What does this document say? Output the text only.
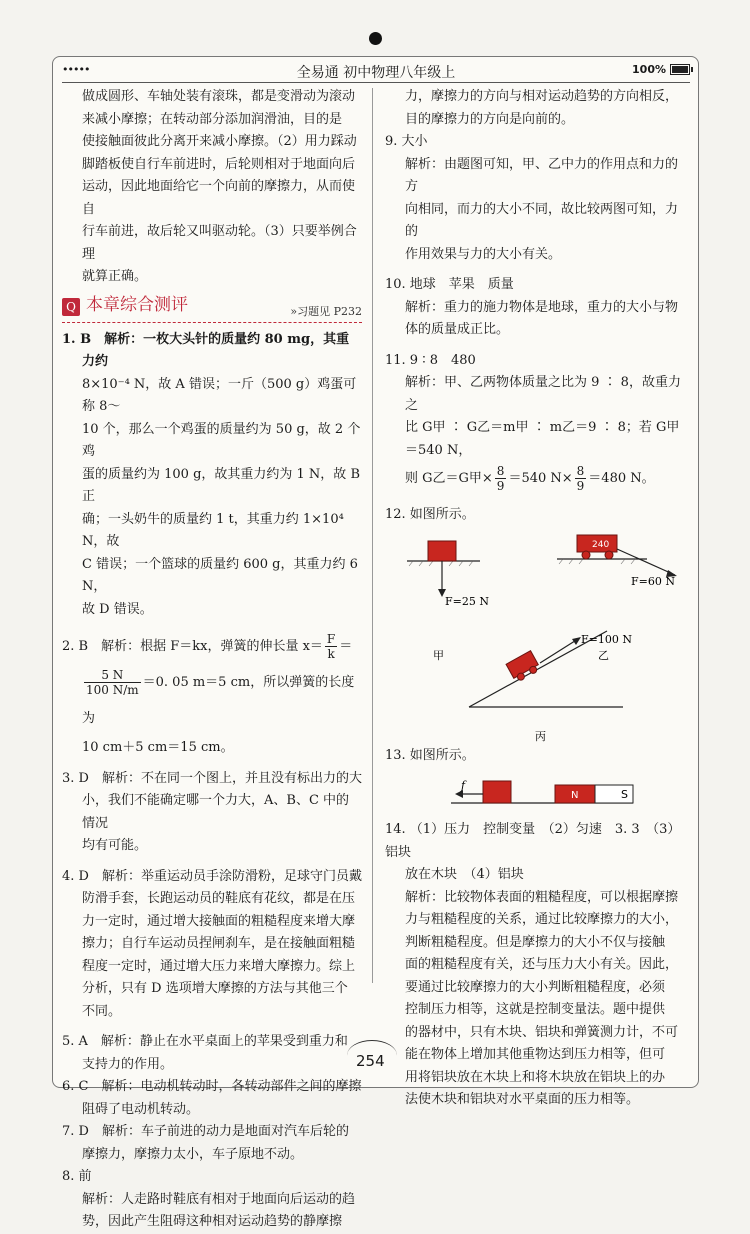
•••••	全易通 初中物理八年级上	100%

做成圆形、车轴处装有滚珠，都是变滑动为滚动

来减小摩擦；在转动部分添加润滑油，目的是

使接触面彼此分离开来减小摩擦。（2）用力踩动

脚踏板使自行车前进时，后轮则相对于地面向后

运动，因此地面给它一个向前的摩擦力，从而使自

行车前进，故后轮又叫驱动轮。（3）只要举例合理

就算正确。

Q 本章综合测评	»习题见 P232

1. B　解析：一枚大头针的质量约 80 mg，其重力约

8×10⁻⁴ N，故 A 错误；一斤（500 g）鸡蛋可称 8～

10 个，那么一个鸡蛋的质量约为 50 g，故 2 个鸡

蛋的质量约为 100 g，故其重力约为 1 N，故 B 正

确；一头奶牛的质量约 1 t，其重力约 1×10⁴ N，故

C 错误；一个篮球的质量约 600 g，其重力约 6 N，

故 D 错误。

2. B　解析：根据 F＝kx，弹簧的伸长量 $x= \frac{F}{k}$ ＝

$\frac{5 N}{100 N/m} =0$. 05 m＝5 cm，所以弹簧的长度为

10 cm＋5 cm＝15 cm。

3. D　解析：不在同一个图上，并且没有标出力的大

小，我们不能确定哪一个力大，A、B、C 中的情况

均有可能。

4. D　解析：举重运动员手涂防滑粉，足球守门员戴

防滑手套，长跑运动员的鞋底有花纹，都是在压

力一定时，通过增大接触面的粗糙程度来增大摩

擦力；自行车运动员捏闸刹车，是在接触面粗糙

程度一定时，通过增大压力来增大摩擦力。综上

分析，只有 D 选项增大摩擦的方法与其他三个

不同。

5. A　解析：静止在水平桌面上的苹果受到重力和

支持力的作用。

6. C　解析：电动机转动时，各转动部件之间的摩擦

阻碍了电动机转动。

7. D　解析：车子前进的动力是地面对汽车后轮的

摩擦力，摩擦力太小，车子原地不动。

8. 前

解析：人走路时鞋底有相对于地面向后运动的趋

势，因此产生阻碍这种相对运动趋势的静摩擦

力，摩擦力的方向与相对运动趋势的方向相反，

目的摩擦力的方向是向前的。

9. 大小

解析：由题图可知，甲、乙中力的作用点和力的方

向相同，而力的大小不同，故比较两图可知，力的

作用效果与力的大小有关。

10. 地球　苹果　质量

解析：重力的施力物体是地球，重力的大小与物

体的质量成正比。

11. 9 ∶ 8　480

解析：甲、乙两物体质量之比为 9 ∶ 8，故重力之

比 G甲 ∶ G乙＝m甲 ∶ m乙＝9 ∶ 8；若 G甲＝540 N，

则 G乙＝G甲× $\frac{8}{9} =540$ $N\times \frac{8}{9} =480$ N。

12. 如图所示。

F=25 N
甲
240
F=60 N
乙
F=100 N
丙

13. 如图所示。

N	S
f

14. （1）压力　控制变量　（2）匀速　3. 3　（3）铝块

放在木块　（4）铝块

解析：比较物体表面的粗糙程度，可以根据摩擦

力与粗糙程度的关系，通过比较摩擦力的大小，

判断粗糙程度。但是摩擦力的大小不仅与接触

面的粗糙程度有关，还与压力大小有关。因此，

要通过比较摩擦力的大小判断粗糙程度，必须

控制压力相等，这就是控制变量法。题中提供

的器材中，只有木块、铝块和弹簧测力计，不可

能在物体上增加其他重物达到压力相等，但可

用将铝块放在木块上和将木块放在铝块上的办

法使木块和铝块对水平桌面的压力相等。

254
